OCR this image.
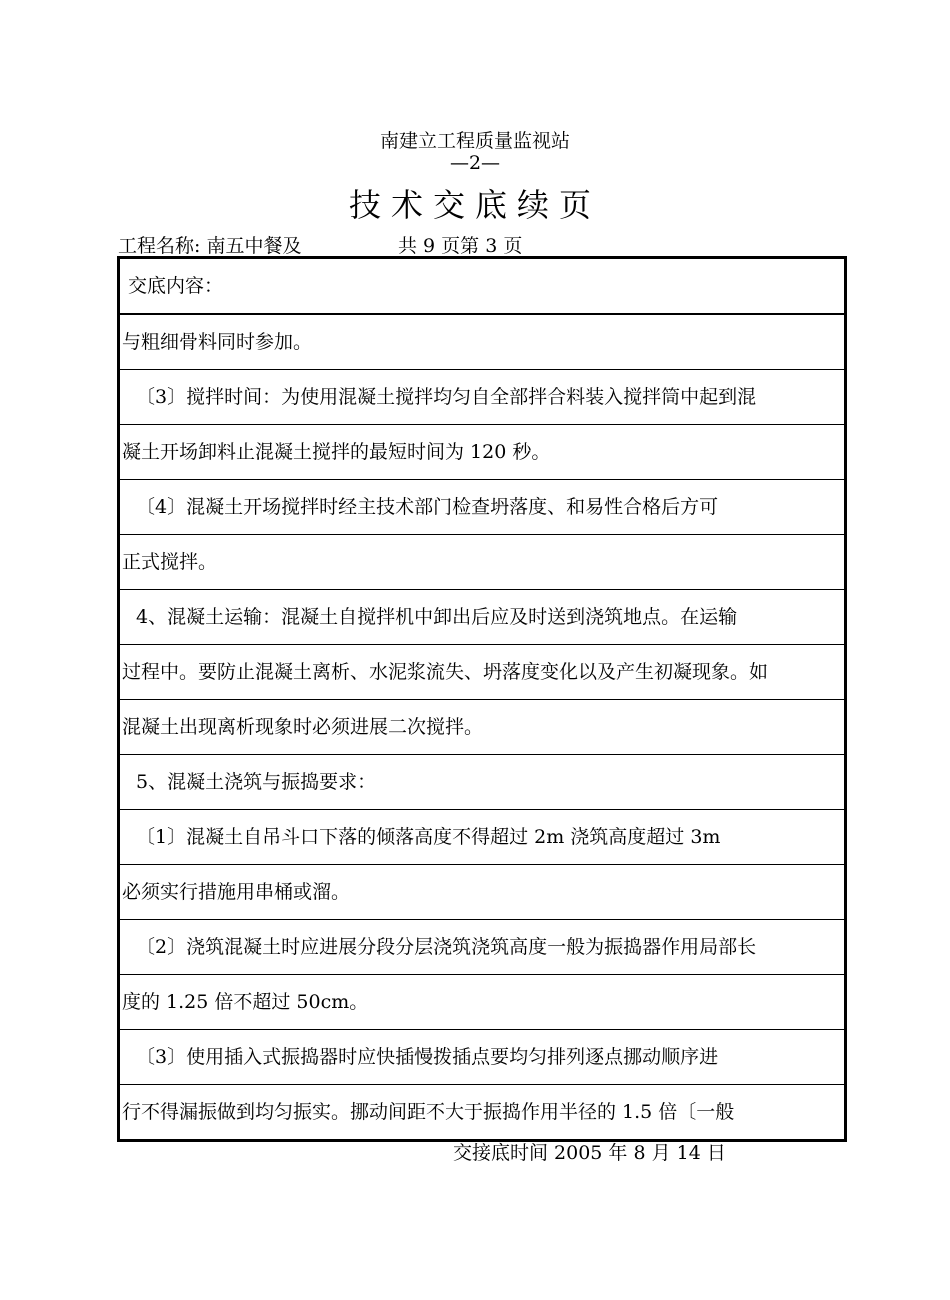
南建立工程质量监视站
—2—
技术交底续页
工程名称: 南五中餐及	共 9 页第 3 页
交底内容：
与粗细骨料同时参加。
〔3〕搅拌时间：为使用混凝土搅拌均匀自全部拌合料装入搅拌筒中起到混
凝土开场卸料止混凝土搅拌的最短时间为 120 秒。
〔4〕混凝土开场搅拌时经主技术部门检查坍落度、和易性合格后方可
正式搅拌。
4、混凝土运输：混凝土自搅拌机中卸出后应及时送到浇筑地点。在运输
过程中。要防止混凝土离析、水泥浆流失、坍落度变化以及产生初凝现象。如
混凝土出现离析现象时必须进展二次搅拌。
5、混凝土浇筑与振捣要求：
〔1〕混凝土自吊斗口下落的倾落高度不得超过 2m 浇筑高度超过 3m
必须实行措施用串桶或溜。
〔2〕浇筑混凝土时应进展分段分层浇筑浇筑高度一般为振捣器作用局部长
度的 1.25 倍不超过 50cm。
〔3〕使用插入式振捣器时应快插慢拨插点要均匀排列逐点挪动顺序进
行不得漏振做到均匀振实。挪动间距不大于振捣作用半径的 1.5 倍〔一般
交接底时间 2005 年 8 月 14 日
